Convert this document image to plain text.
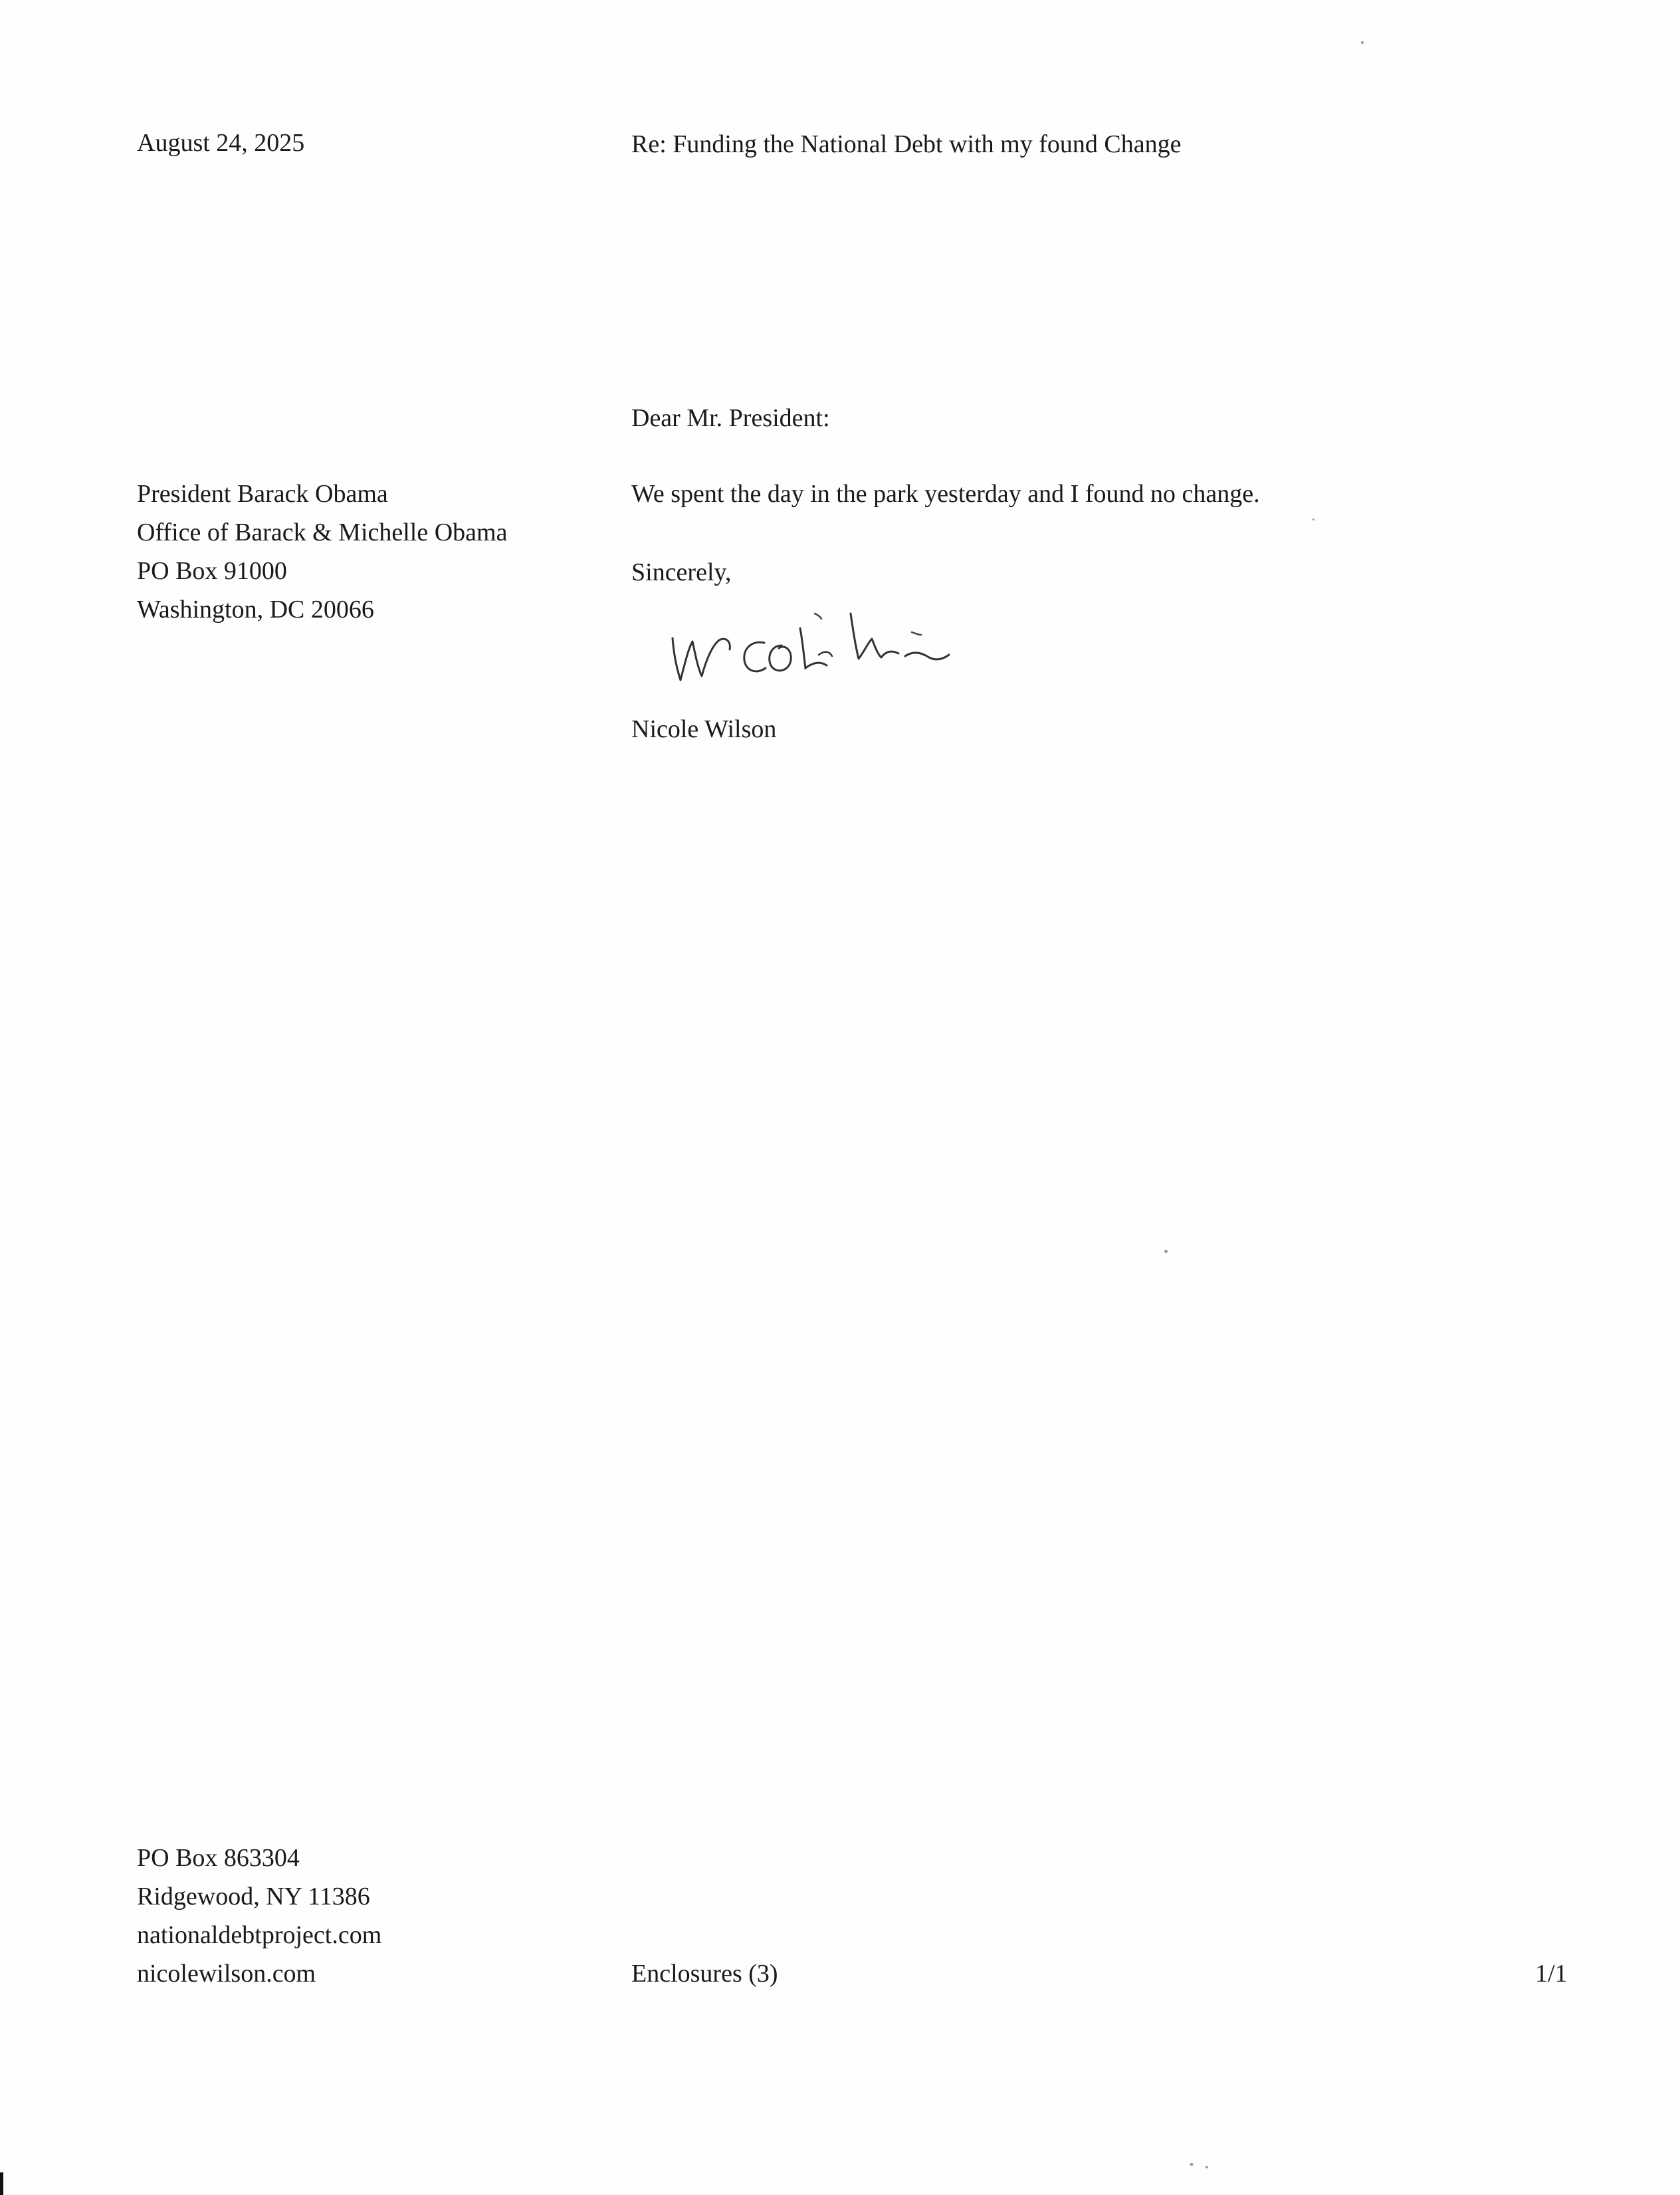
August 24, 2025	Re: Funding the National Debt with my found Change

Dear Mr. President:

President Barack Obama

Office of Barack & Michelle Obama

PO Box 91000

Washington, DC 20066

We spent the day in the park yesterday and I found no change.

Sincerely,

Nicole Wilson

PO Box 863304

Ridgewood, NY 11386

nationaldebtproject.com

nicolewilson.com	Enclosures (3)	1/1
